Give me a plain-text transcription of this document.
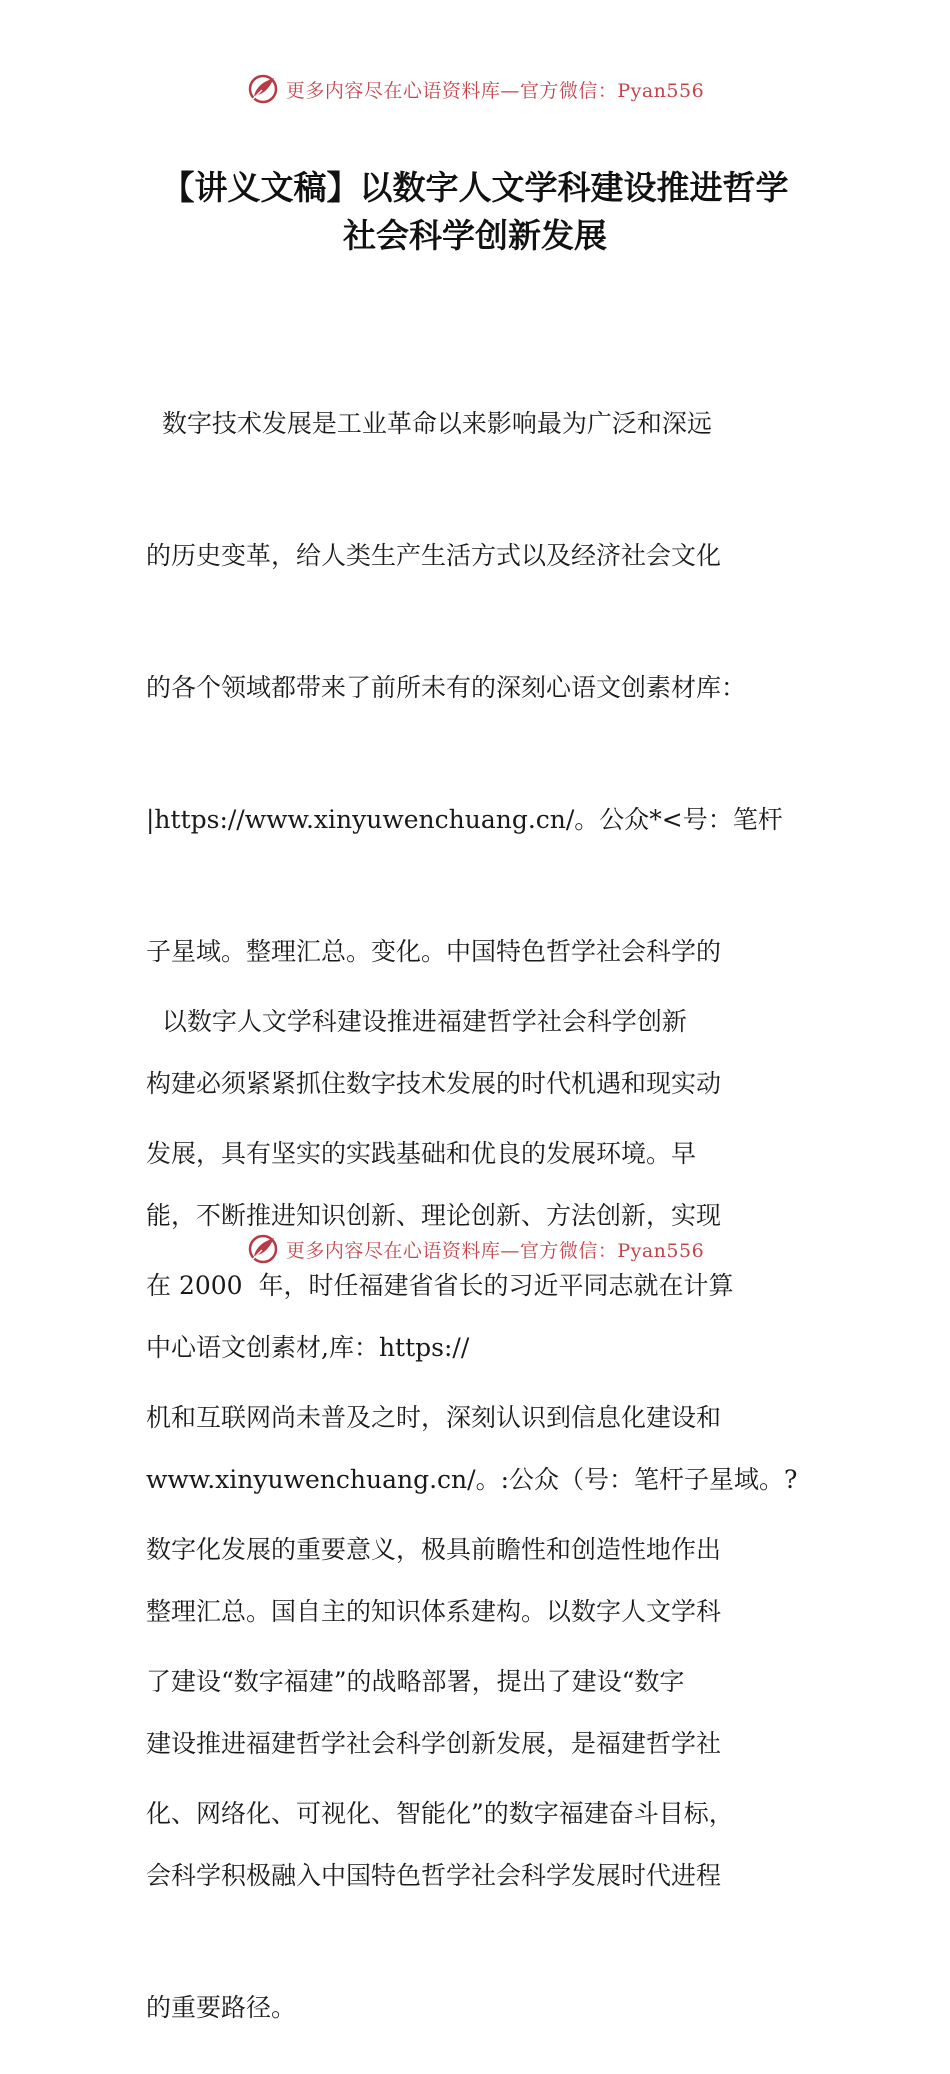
更多内容尽在心语资料库—官方微信：Pyan556
【讲义文稿】以数字人文学科建设推进哲学
社会科学创新发展

数字技术发展是工业革命以来影响最为广泛和深远

的历史变革，给人类生产生活方式以及经济社会文化

的各个领域都带来了前所未有的深刻心语文创素材库：

|https://www.xinyuwenchuang.cn/。公众*<号：笔杆

子星域。整理汇总。变化。中国特色哲学社会科学的

构建必须紧紧抓住数字技术发展的时代机遇和现实动

能，不断推进知识创新、理论创新、方法创新，实现

中心语文创素材,库：https://

www.xinyuwenchuang.cn/。:公众（号：笔杆子星域。?

整理汇总。国自主的知识体系建构。以数字人文学科

建设推进福建哲学社会科学创新发展，是福建哲学社

会科学积极融入中国特色哲学社会科学发展时代进程

的重要路径。

以数字人文学科建设推进福建哲学社会科学创新

发展，具有坚实的实践基础和优良的发展环境。早

在 2000  年，时任福建省省长的习近平同志就在计算

机和互联网尚未普及之时，深刻认识到信息化建设和

数字化发展的重要意义，极具前瞻性和创造性地作出

了建设“数字福建”的战略部署，提出了建设“数字

化、网络化、可视化、智能化”的数字福建奋斗目标，

更多内容尽在心语资料库—官方微信：Pyan556
